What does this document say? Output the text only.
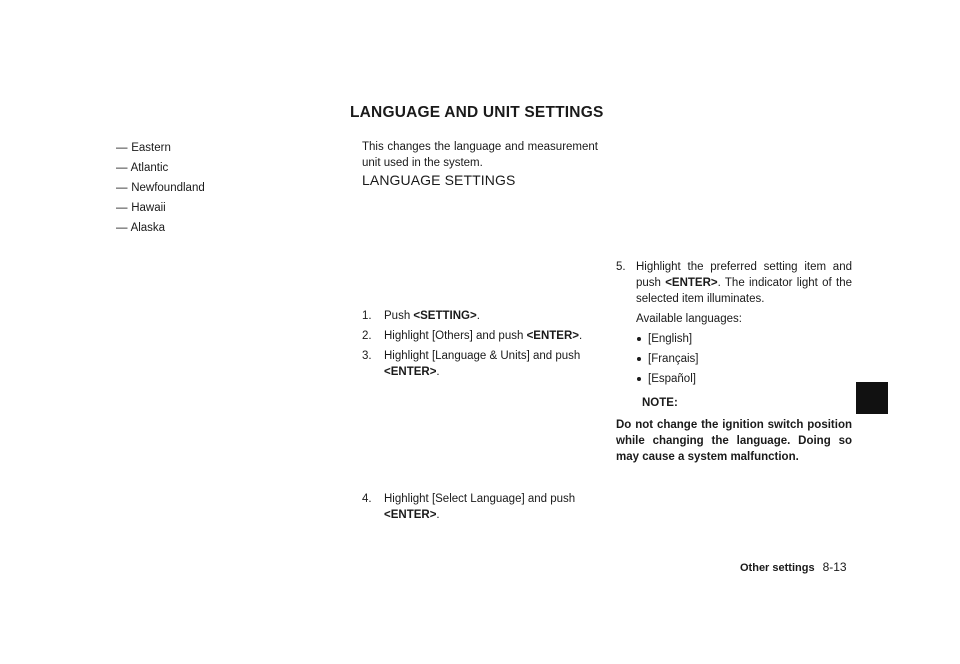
LANGUAGE AND UNIT SETTINGS
— Eastern
— Atlantic
— Newfoundland
— Hawaii
— Alaska
This changes the language and measurement unit used in the system.
LANGUAGE SETTINGS
1. Push <SETTING>.
2. Highlight [Others] and push <ENTER>.
3. Highlight [Language & Units] and push <ENTER>.
4. Highlight [Select Language] and push <ENTER>.
5. Highlight the preferred setting item and push <ENTER>. The indicator light of the selected item illuminates.
Available languages:
[English]
[Français]
[Español]
NOTE:
Do not change the ignition switch position while changing the language. Doing so may cause a system malfunction.
Other settings 8-13
